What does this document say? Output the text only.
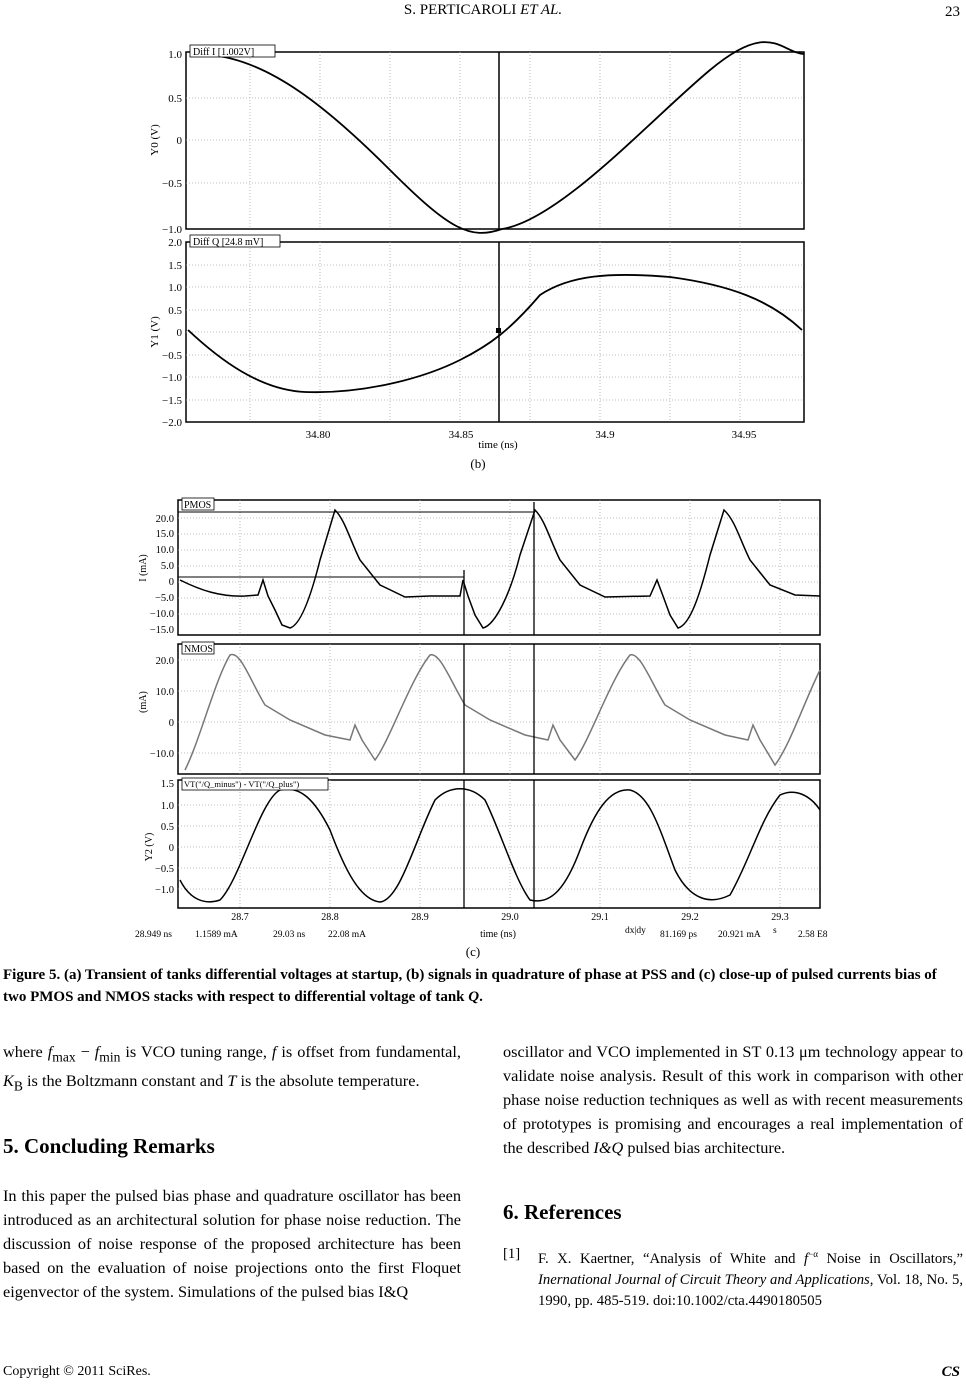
S. PERTICAROLI ET AL.	23
Diff I [1.002V]
1.0
0.5
0
−0.5
−1.0
Y0 (V)
Diff Q [24.8 mV]
2.0
1.5
1.0
0.5
0
−0.5
−1.0
−1.5
−2.0
Y1 (V)
34.80	34.85	34.9	34.95
time (ns)
(b)
PMOS
20.0
15.0
10.0
5.0
0
−5.0
−10.0
−15.0
I (mA)
NMOS
20.0
10.0
0
−10.0
(mA)
VT("/Q_minus") - VT("/Q_plus")
1.5
1.0
0.5
0
−0.5
−1.0
Y2 (V)
28.7	28.8	28.9	29.0	29.1	29.2	29.3
28.949 ns 1.1589 mA	29.03 ns 22.08 mA	dx|dy 81.169 ps 20.921 mA s 2.58 E8
time (ns)
(c)
Figure 5. (a) Transient of tanks differential voltages at startup, (b) signals in quadrature of phase at PSS and (c) close-up of pulsed currents bias of two PMOS and NMOS stacks with respect to differential voltage of tank Q.
where $f_{max} - f_{min}$ is VCO tuning range, f is offset from fundamental, $K_B$ is the Boltzmann constant and T is the absolute temperature.
5. Concluding Remarks
In this paper the pulsed bias phase and quadrature oscillator has been introduced as an architectural solution for phase noise reduction. The discussion of noise response of the proposed architecture has been based on the evaluation of noise projections onto the first Floquet eigenvector of the system. Simulations of the pulsed bias I&Q
oscillator and VCO implemented in ST 0.13 μm technology appear to validate noise analysis. Result of this work in comparison with other phase noise reduction techniques as well as with recent measurements of prototypes is promising and encourages a real implementation of the described I&Q pulsed bias architecture.
6. References
[1]	F. X. Kaertner, “Analysis of White and $f^{-\alpha}$ Noise in Oscillators,” Inernational Journal of Circuit Theory and Applications, Vol. 18, No. 5, 1990, pp. 485-519. doi:10.1002/cta.4490180505
Copyright © 2011 SciRes.	CS
